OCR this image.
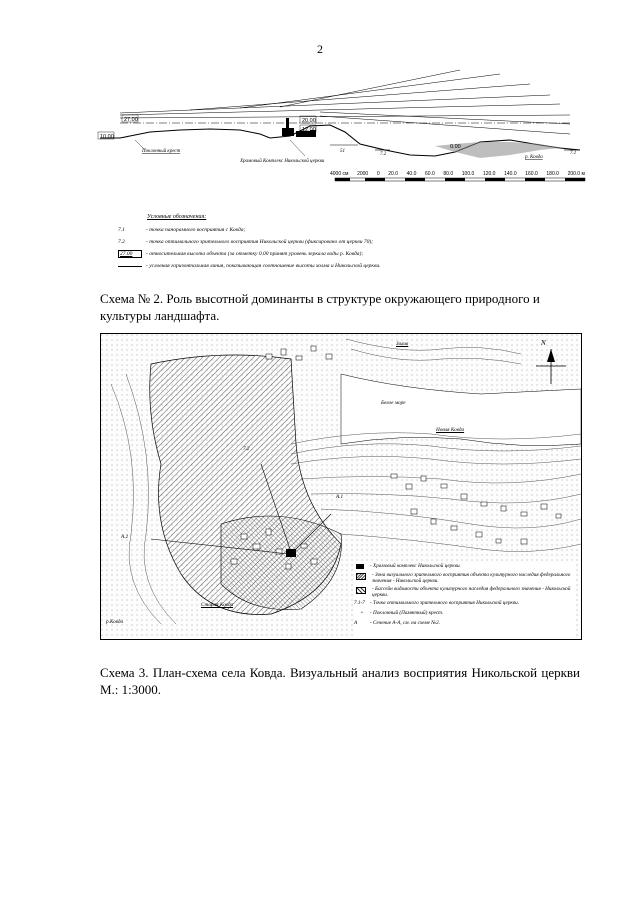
2
27.00
10.00
20.00
12.00
0.00
Поклонный крест
Храмовый Комплекс Никольской церкви
р. Ковда
51
7.2	7.1
4000 см 2000 0 20.0 40.0 60.0 80.0 100.0 120.0 140.0 160.0 180.0 200.0 м
Условные обозначения:
7.1	- точка панорамного восприятия с Ковда;
7.2	- точка оптимального зрительного восприятия Никольской церкви (фиксировано от церкви 70);
27.00	- относительная высота объекта (за отметку 0.00 принят уровень зеркала воды р. Ковда);
- условная горизонтальная линия, показывающая соотношение высоты холма и Никольской церкви.
Схема № 2. Роль высотной доминанты в структуре окружающего природного и культуры ландшафта.
Залив
Белое море
Новая Ковда
Старая Ковда
р.Ковда
N
7.2
A.1
A.2
- Храмовый комплекс Никольской церкви.
- Зона визуального зрительного восприятия объекта культурного наследия федерального значения - Никольской церкви.
- Бассейн видимости объекта культурного наследия федерального значения - Никольской церкви.
7.1-7 - Точка оптимального зрительного восприятия Никольской церкви.
+	- Поклонный (Памятный) крест.
А	- Сечение А-А, см. на схеме №2.
Схема 3. План-схема села Ковда. Визуальный анализ восприятия Никольской церкви М.: 1:3000.
